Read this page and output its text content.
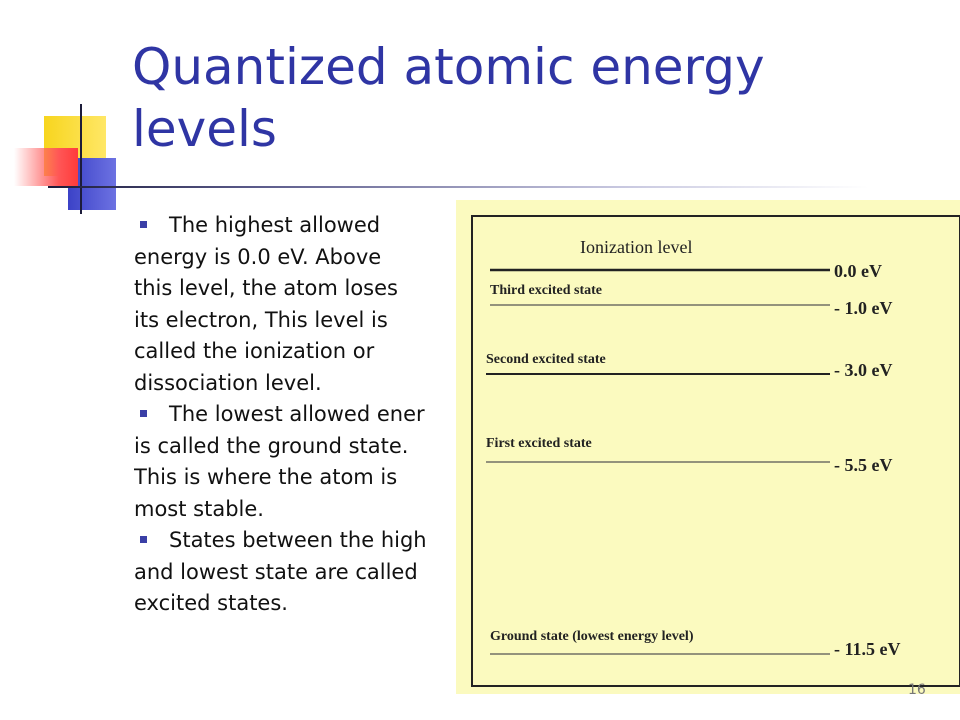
Quantized atomic energy levels
The highest allowed
energy is 0.0 eV. Above
this level, the atom loses
its electron, This level is
called the ionization or
dissociation level.
The lowest allowed ener
is called the ground state.
This is where the atom is
most stable.
States between the high
and lowest state are called
excited states.
Ionization level
0.0 eV
Third excited state
- 1.0 eV
Second excited state
- 3.0 eV
First excited state
- 5.5 eV
Ground state (lowest energy level)
- 11.5 eV
16
